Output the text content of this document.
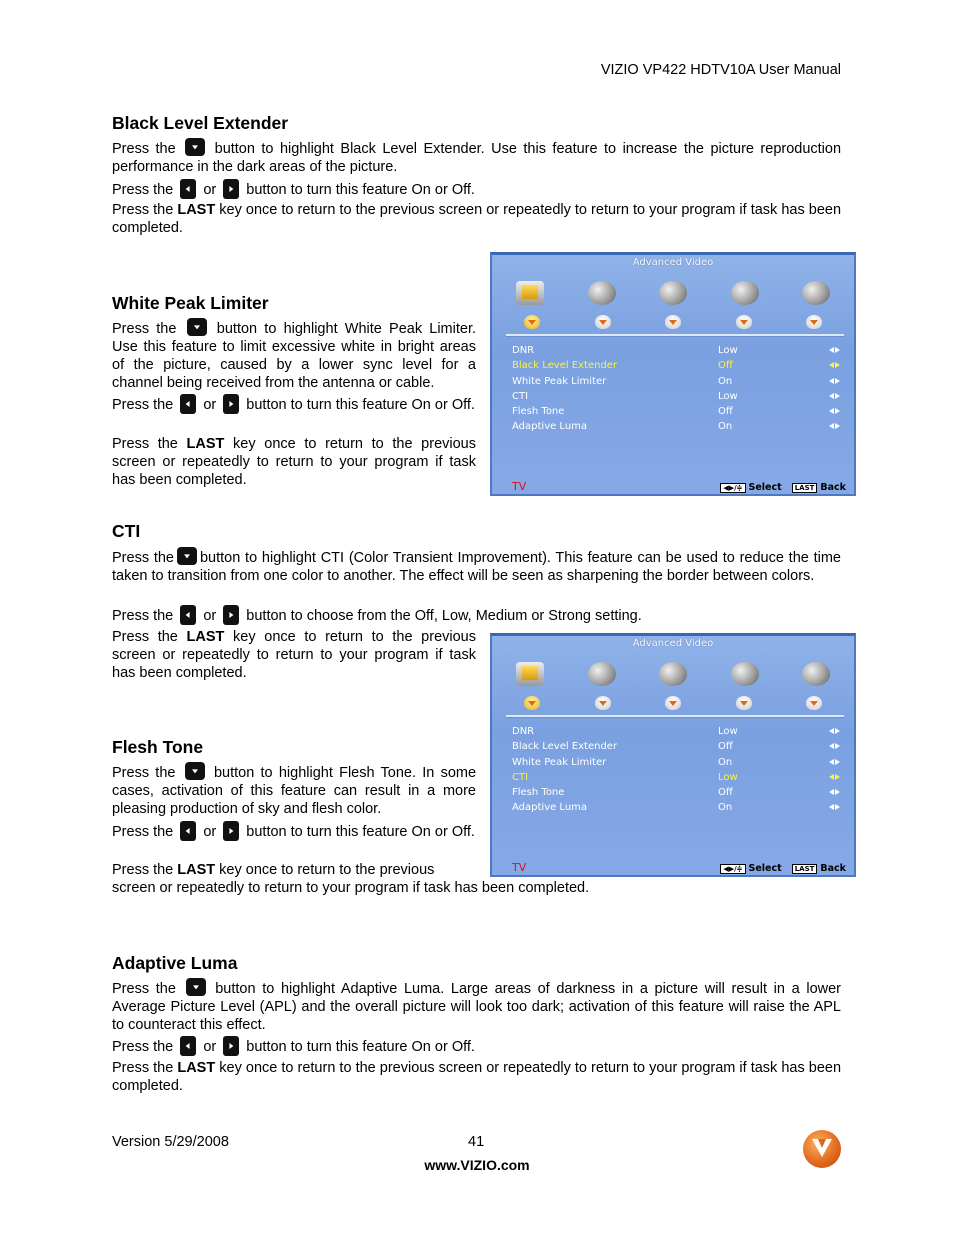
VIZIO VP422 HDTV10A User Manual
Black Level Extender
Press the	button to highlight Black Level Extender. Use this feature to increase the picture reproduction performance in the dark areas of the picture.
Press the or button to turn this feature On or Off.
Press the LAST key once to return to the previous screen or repeatedly to return to your program if task has been completed.
White Peak Limiter
Press the	button to highlight White Peak Limiter. Use this feature to limit excessive white in bright areas of the picture, caused by a lower sync level for a channel being received from the antenna or cable.
Press the or button to turn this feature On or Off.
Press the LAST key once to return to the previous screen or repeatedly to return to your program if task has been completed.
Advanced Video
DNR	Low
Black Level Extender	Off
White Peak Limiter	On
CTI	Low
Flesh Tone	Off
Adaptive Luma	On
TV	◀▶/≑ Select	LAST Back
CTI
Press the button to highlight CTI (Color Transient Improvement). This feature can be used to reduce the time taken to transition from one color to another. The effect will be seen as sharpening the border between colors.
Press the or button to choose from the Off, Low, Medium or Strong setting.
Press the LAST key once to return to the previous screen or repeatedly to return to your program if task has been completed.
Advanced Video
DNR	Low
Black Level Extender	Off
White Peak Limiter	On
CTI	Low
Flesh Tone	Off
Adaptive Luma	On
TV	◀▶/≑ Select	LAST Back
Flesh Tone
Press the	button to highlight Flesh Tone. In some cases, activation of this feature can result in a more pleasing production of sky and flesh color.
Press the or button to turn this feature On or Off.
Press the LAST key once to return to the previous
screen or repeatedly to return to your program if task has been completed.
Adaptive Luma
Press the	button to highlight Adaptive Luma. Large areas of darkness in a picture will result in a lower Average Picture Level (APL) and the overall picture will look too dark; activation of this feature will raise the APL to counteract this effect.
Press the or button to turn this feature On or Off.
Press the LAST key once to return to the previous screen or repeatedly to return to your program if task has been completed.
Version 5/29/2008	41
www.VIZIO.com
